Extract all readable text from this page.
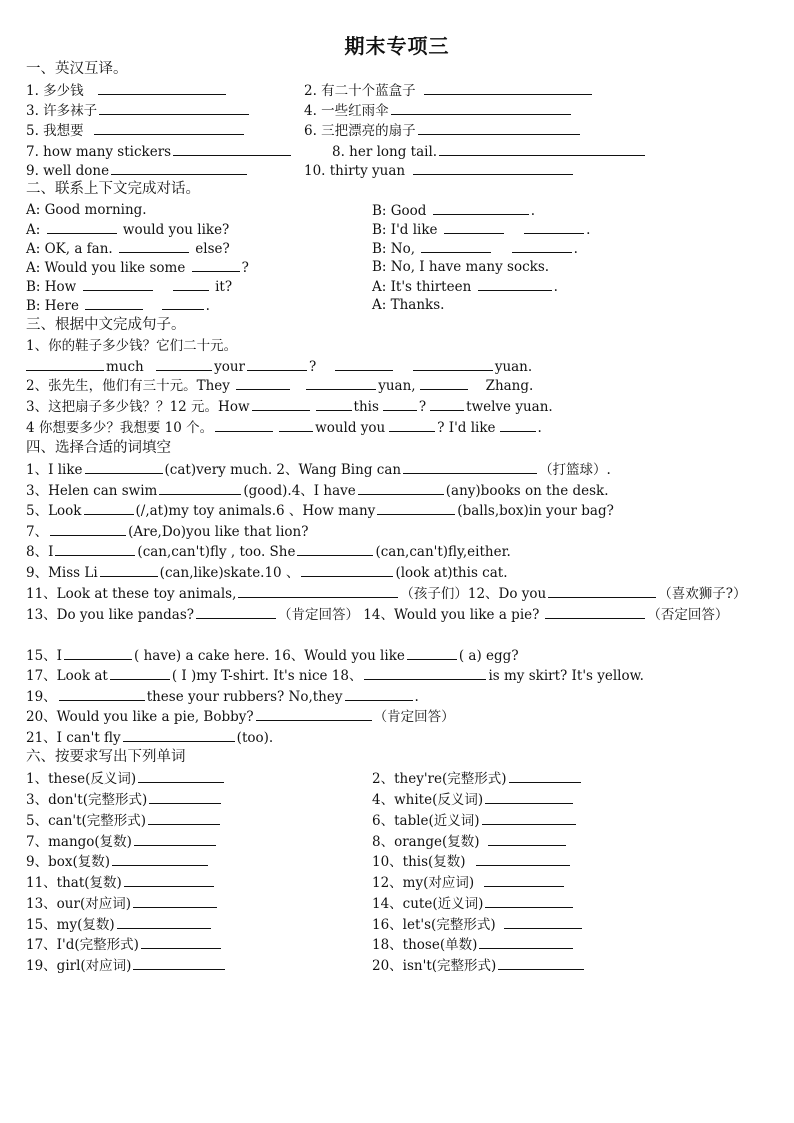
期末专项三
一、英汉互译。
1. 多少钱	2. 有二十个蓝盒子
3. 许多袜子	4. 一些红雨伞
5. 我想要	6. 三把漂亮的扇子
7. how many stickers	8. her long tail.
9. well done	10. thirty yuan
二、联系上下文完成对话。
A: Good morning.	B: Good	.
A:	would you like?	B: I'd like	.
A: OK, a fan.	else?	B: No,	.
A: Would you like some	?	B: No, I have many socks.
B: How	it?	A: It's thirteen	.
B: Here	.	A: Thanks.
三、根据中文完成句子。
1、你的鞋子多少钱？它们二十元。
much	your	?	yuan.
2、张先生，他们有三十元。They	yuan,	Zhang.
3、这把扇子多少钱？？12 元。How	this	?	twelve yuan.
4 你想要多少？我想要 10 个。	would you	? I'd like	.
四、选择合适的词填空
1、I like	(cat)very much. 2、Wang Bing can	（打篮球）.
3、Helen can swim	(good).4、I have	(any)books on the desk.
5、Look	(/,at)my toy animals.6 、How many	(balls,box)in your bag?
7、	(Are,Do)you like that lion?
8、I	(can,can't)fly , too. She	(can,can't)fly,either.
9、Miss Li	(can,like)skate.10 、	(look at)this cat.
11、Look at these toy animals,	（孩子们）12、Do you	（喜欢狮子?）
13、Do you like pandas?	（肯定回答） 14、Would you like a pie?	（否定回答）
15、I	( have) a cake here. 16、Would you like	( a) egg?
17、Look at	( I )my T-shirt. It's nice 18、	is my skirt? It's yellow.
19、	these your rubbers? No,they	.
20、Would you like a pie, Bobby?	（肯定回答）
21、I can't fly	(too).
六、按要求写出下列单词
1、these(反义词)	2、they're(完整形式)
3、don't(完整形式)	4、white(反义词)
5、can't(完整形式)	6、table(近义词)
7、mango(复数)	8、orange(复数)
9、box(复数)	10、this(复数)
11、that(复数)	12、my(对应词)
13、our(对应词)	14、cute(近义词)
15、my(复数)	16、let's(完整形式)
17、I'd(完整形式)	18、those(单数)
19、girl(对应词)	20、isn't(完整形式)
